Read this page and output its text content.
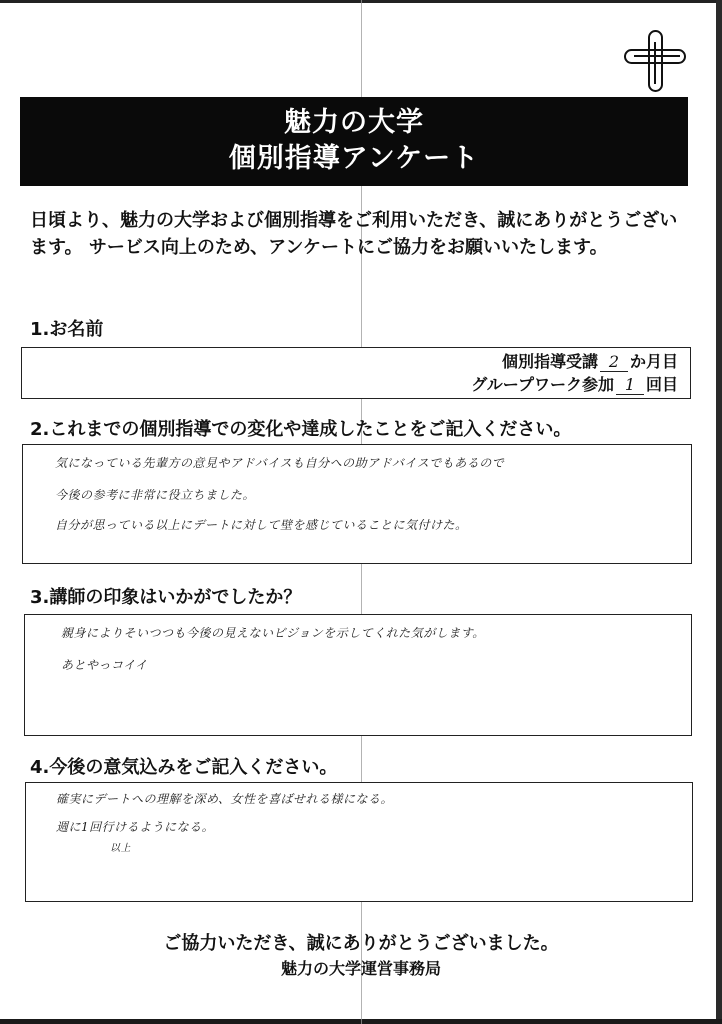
魅力の大学
個別指導アンケート
日頃より、魅力の大学および個別指導をご利用いただき、誠にありがとうございます。 サービス向上のため、アンケートにご協力をお願いいたします。
1.お名前
個別指導受講 2 か月目
グループワーク参加 1 回目
2.これまでの個別指導での変化や達成したことをご記入ください。
気になっている先輩方の意見やアドバイスも自分への助アドバイスでもあるので
今後の参考に非常に役立ちました。
自分が思っている以上にデートに対して壁を感じていることに気付けた。
3.講師の印象はいかがでしたか？
親身によりそいつつも今後の見えないビジョンを示してくれた気がします。
あとやっコイイ
4.今後の意気込みをご記入ください。
確実にデートへの理解を深め、女性を喜ばせれる様になる。
週に1回行けるようになる。
以上
ご協力いただき、誠にありがとうございました。
魅力の大学運営事務局
